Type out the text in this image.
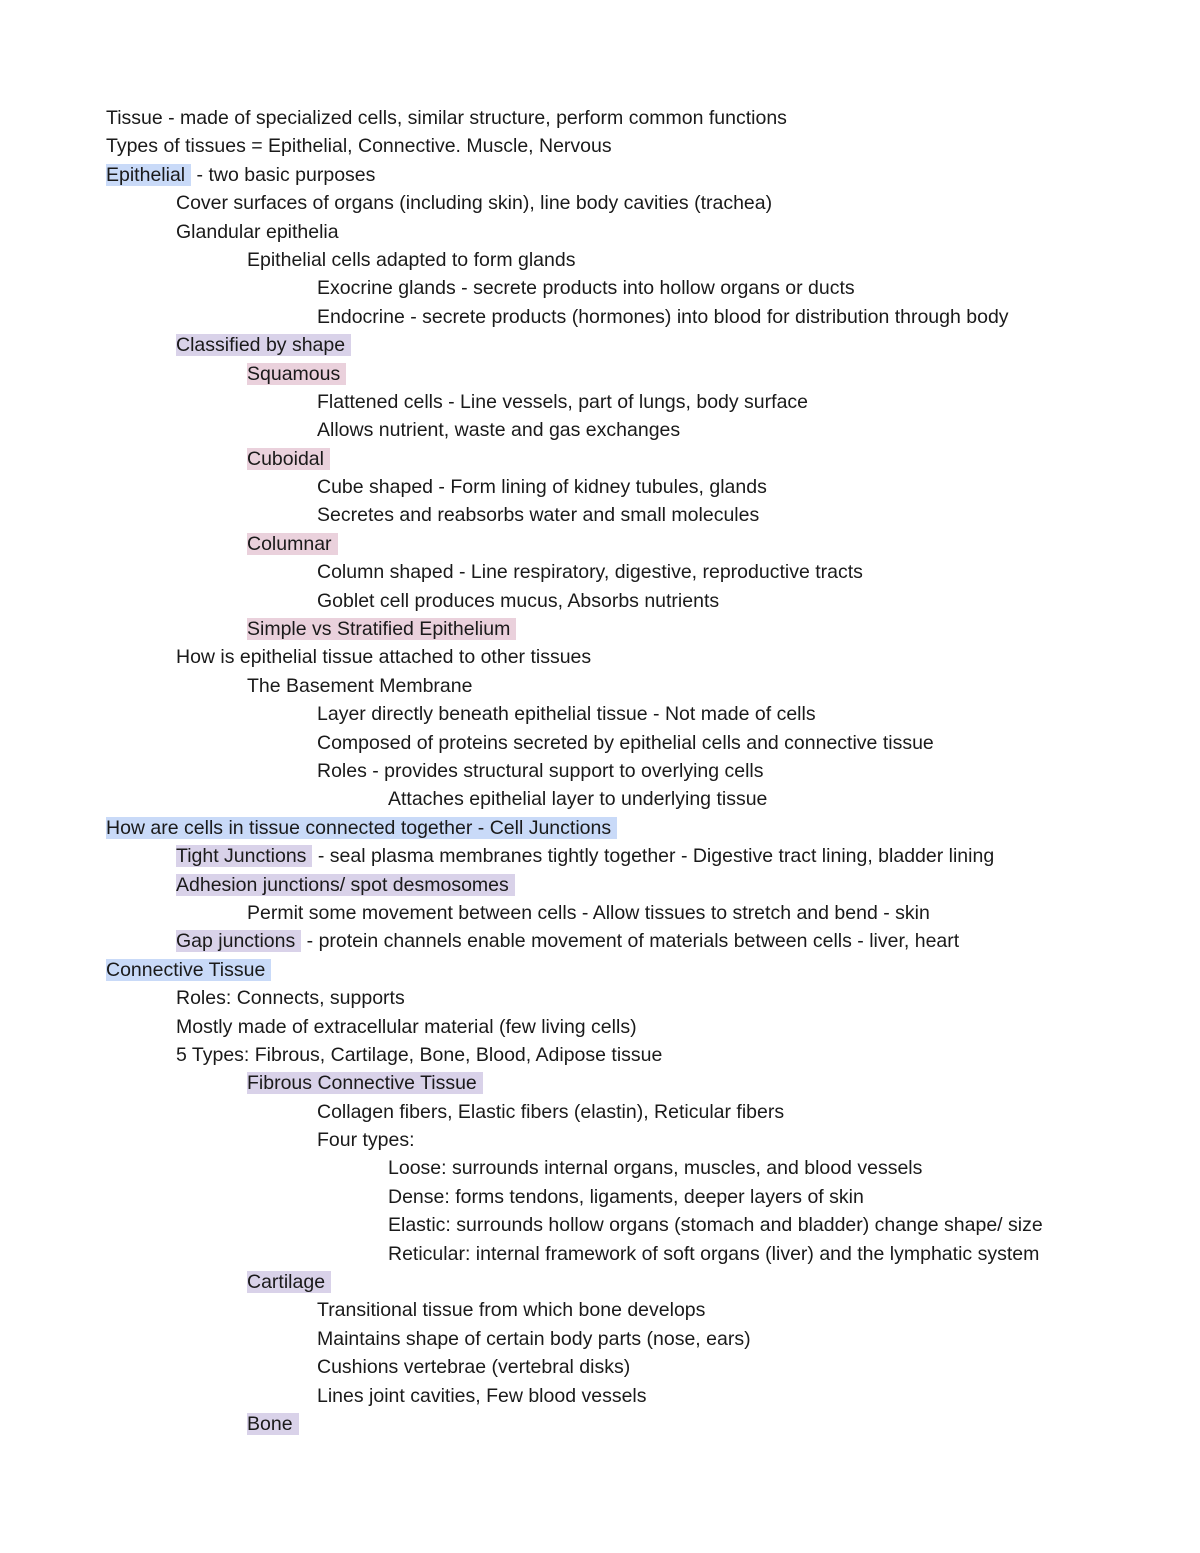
Tissue - made of specialized cells, similar structure, perform common functions
Types of tissues = Epithelial, Connective. Muscle, Nervous
Epithelial - two basic purposes
Cover surfaces of organs (including skin), line body cavities (trachea)
Glandular epithelia
Epithelial cells adapted to form glands
Exocrine glands - secrete products into hollow organs or ducts
Endocrine - secrete products (hormones) into blood for distribution through body
Classified by shape
Squamous
Flattened cells - Line vessels, part of lungs, body surface
Allows nutrient, waste and gas exchanges
Cuboidal
Cube shaped - Form lining of kidney tubules, glands
Secretes and reabsorbs water and small molecules
Columnar
Column shaped - Line respiratory, digestive, reproductive tracts
Goblet cell produces mucus, Absorbs nutrients
Simple vs Stratified Epithelium
How is epithelial tissue attached to other tissues
The Basement Membrane
Layer directly beneath epithelial tissue - Not made of cells
Composed of proteins secreted by epithelial cells and connective tissue
Roles - provides structural support to overlying cells
Attaches epithelial layer to underlying tissue
How are cells in tissue connected together - Cell Junctions
Tight Junctions - seal plasma membranes tightly together - Digestive tract lining, bladder lining
Adhesion junctions/ spot desmosomes
Permit some movement between cells - Allow tissues to stretch and bend - skin
Gap junctions - protein channels enable movement of materials between cells - liver, heart
Connective Tissue
Roles: Connects, supports
Mostly made of extracellular material (few living cells)
5 Types: Fibrous, Cartilage, Bone, Blood, Adipose tissue
Fibrous Connective Tissue
Collagen fibers, Elastic fibers (elastin), Reticular fibers
Four types:
Loose: surrounds internal organs, muscles, and blood vessels
Dense: forms tendons, ligaments, deeper layers of skin
Elastic: surrounds hollow organs (stomach and bladder) change shape/ size
Reticular: internal framework of soft organs (liver) and the lymphatic system
Cartilage
Transitional tissue from which bone develops
Maintains shape of certain body parts (nose, ears)
Cushions vertebrae (vertebral disks)
Lines joint cavities, Few blood vessels
Bone
